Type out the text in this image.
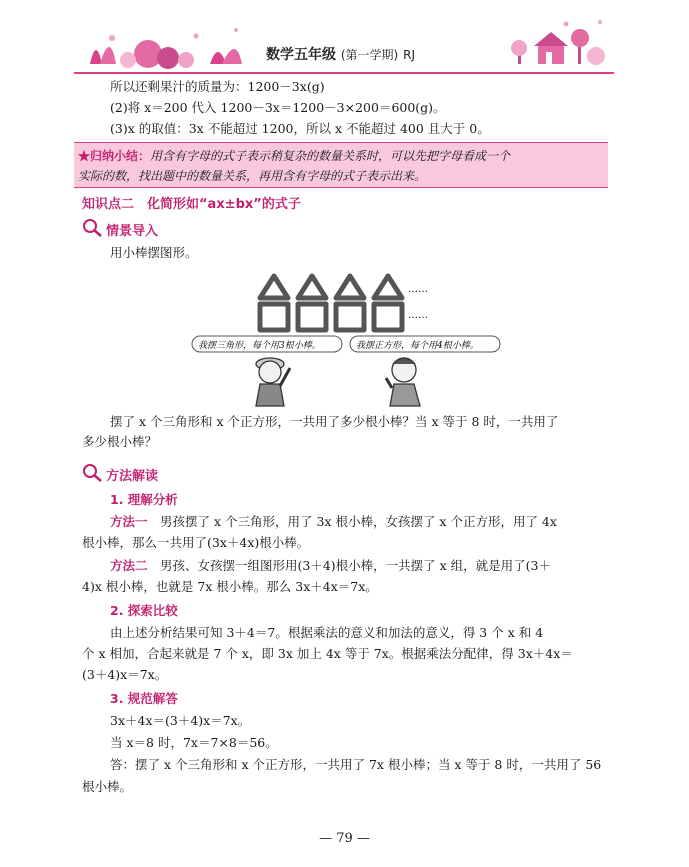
数学五年级 (第一学期) RJ
所以还剩果汁的质量为：1200－3x(g)
(2)将 x＝200 代入 1200－3x＝1200－3×200＝600(g)。
(3)x 的取值：3x 不能超过 1200，所以 x 不能超过 400 且大于 0。
★归纳小结：用含有字母的式子表示稍复杂的数量关系时，可以先把字母看成一个
实际的数，找出题中的数量关系，再用含有字母的式子表示出来。
知识点二　化简形如“ax±bx”的式子
情景导入
用小棒摆图形。
……
……
我摆三角形，每个用3根小棒。	我摆正方形，每个用4根小棒。
摆了 x 个三角形和 x 个正方形，一共用了多少根小棒？当 x 等于 8 时，一共用了
多少根小棒？
方法解读
1. 理解分析
方法一　男孩摆了 x 个三角形，用了 3x 根小棒，女孩摆了 x 个正方形，用了 4x
根小棒，那么一共用了(3x＋4x)根小棒。
方法二　男孩、女孩摆一组图形用(3＋4)根小棒，一共摆了 x 组，就是用了(3＋
4)x 根小棒，也就是 7x 根小棒。那么 3x＋4x＝7x。
2. 探索比较
由上述分析结果可知 3＋4＝7。根据乘法的意义和加法的意义，得 3 个 x 和 4
个 x 相加，合起来就是 7 个 x，即 3x 加上 4x 等于 7x。根据乘法分配律，得 3x＋4x＝
(3＋4)x＝7x。
3. 规范解答
3x＋4x＝(3＋4)x＝7x。
当 x＝8 时，7x＝7×8＝56。
答：摆了 x 个三角形和 x 个正方形，一共用了 7x 根小棒；当 x 等于 8 时，一共用了 56
根小棒。
— 79 —
